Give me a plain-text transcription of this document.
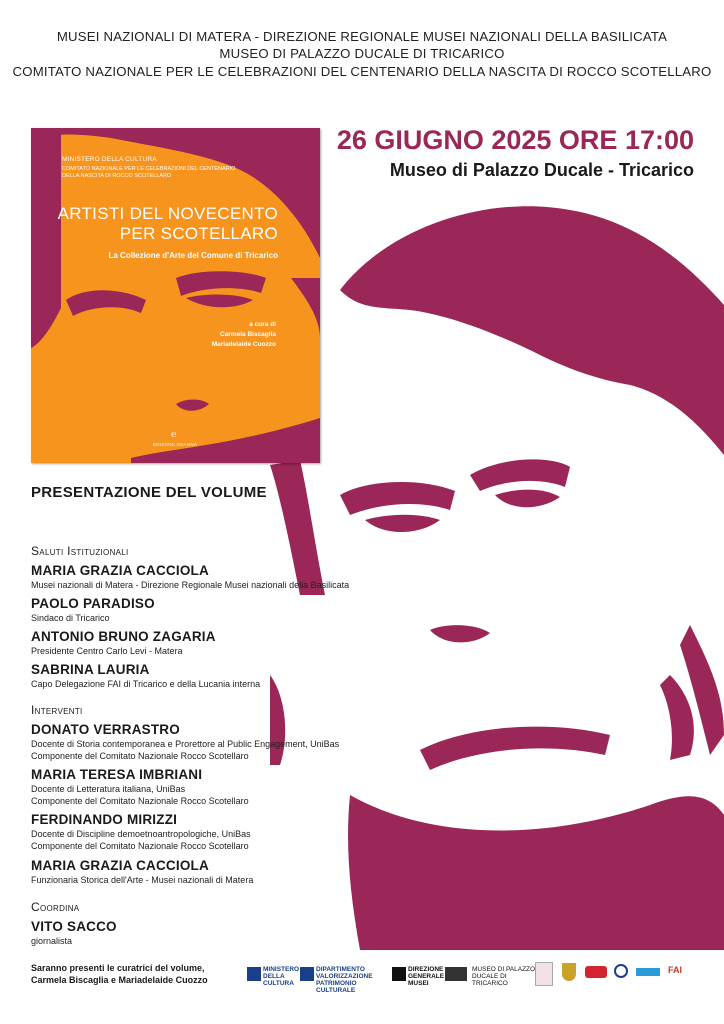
MUSEI NAZIONALI DI MATERA - DIREZIONE REGIONALE MUSEI NAZIONALI DELLA BASILICATA
MUSEO DI PALAZZO DUCALE DI TRICARICO
COMITATO NAZIONALE PER LE CELEBRAZIONI DEL CENTENARIO DELLA NASCITA DI ROCCO SCOTELLARO
MINISTERO DELLA CULTURA
COMITATO NAZIONALE PER LE CELEBRAZIONI DEL CENTENARIO DELLA NASCITA DI ROCCO SCOTELLARO
ARTISTI DEL NOVECENTO
PER SCOTELLARO
La Collezione d'Arte del Comune di Tricarico
a cura di
Carmela Biscaglia
Mariadelaide Cuozzo
℮
EDIZIONI OSANNA
26 GIUGNO 2025 ORE 17:00
Museo di Palazzo Ducale - Tricarico
PRESENTAZIONE DEL VOLUME
Saluti Istituzionali
MARIA GRAZIA CACCIOLA
Musei nazionali di Matera - Direzione Regionale Musei nazionali della Basilicata
PAOLO PARADISO
Sindaco di Tricarico
ANTONIO BRUNO ZAGARIA
Presidente Centro Carlo Levi - Matera
SABRINA LAURIA
Capo Delegazione FAI di Tricarico e della Lucania interna
Interventi
DONATO VERRASTRO
Docente di Storia contemporanea e Prorettore al Public Engagement, UniBas
Componente del Comitato Nazionale Rocco Scotellaro
MARIA TERESA IMBRIANI
Docente di Letteratura italiana, UniBas
Componente del Comitato Nazionale Rocco Scotellaro
FERDINANDO MIRIZZI
Docente di Discipline demoetnoantropologiche, UniBas
Componente del Comitato Nazionale Rocco Scotellaro
MARIA GRAZIA CACCIOLA
Funzionaria Storica dell'Arte - Musei nazionali di Matera
Coordina
VITO SACCO
giornalista
Saranno presenti le curatrici del volume,
Carmela Biscaglia e Mariadelaide Cuozzo
MINISTERO DELLA CULTURA
DIPARTIMENTO VALORIZZAZIONE PATRIMONIO CULTURALE
DIREZIONE GENERALE MUSEI
MUSEO DI PALAZZO DUCALE DI TRICARICO
FAI
